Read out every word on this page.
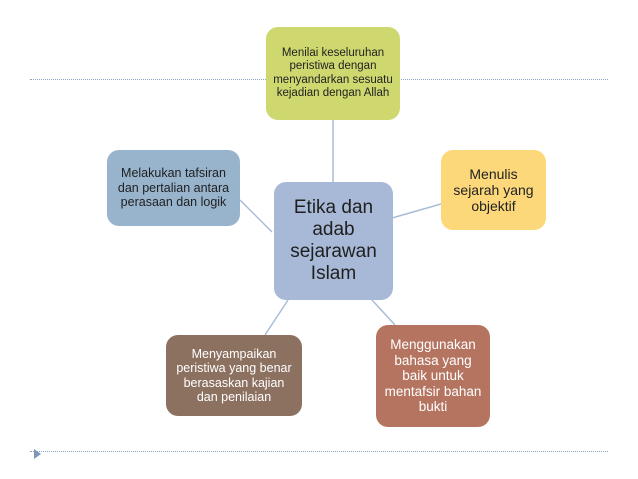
Etika dan adab sejarawan Islam
Menilai keseluruhan peristiwa dengan menyandarkan sesuatu kejadian dengan Allah
Menulis sejarah yang objektif
Menggunakan bahasa yang baik untuk mentafsir bahan bukti
Menyampaikan peristiwa yang benar berasaskan kajian dan penilaian
Melakukan tafsiran dan pertalian antara perasaan dan logik
